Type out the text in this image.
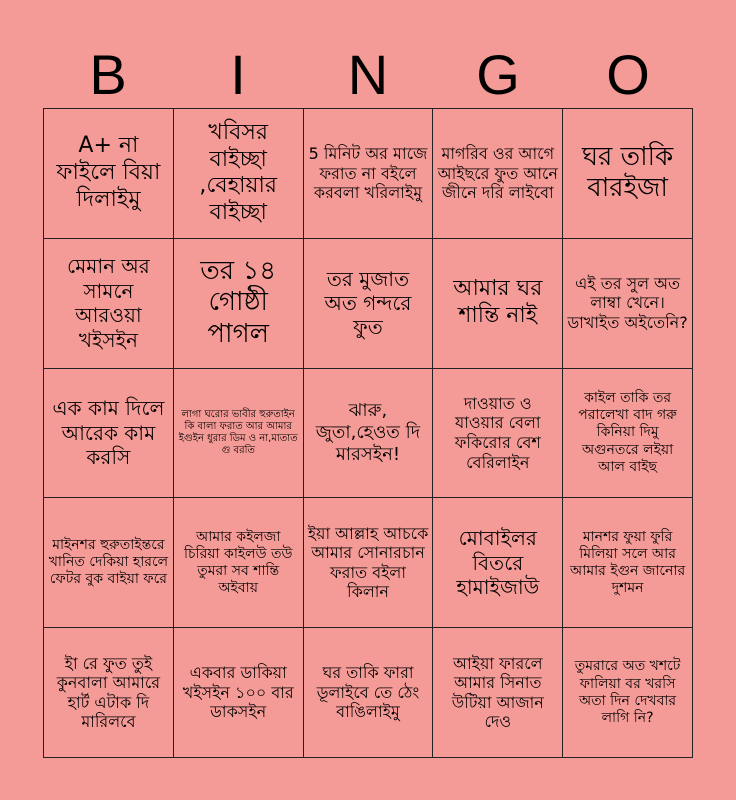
B	I	N	G	O
A+ না ফাইলে বিয়া দিলাইমু
খবিসর বাইচ্ছা ,বেহায়ার বাইচ্ছা
5 মিনিট অর মাজে ফরাত না বইলে করবলা খরিলাইমু
মাগরিব ওর আগে আইছরে ফুত আনে জীনে দরি লাইবো
ঘর তাকি বারইজা
মেমান অর সামনে আরওয়া খইসইন
তর ১৪ গোষ্ঠী পাগল
তর মুজাত অত গন্দরে ফুত
আমার ঘর শান্তি নাই
এই তর সুল অত লাম্বা খেনে। ডাখাইত অইতেনি?
এক কাম দিলে আরেক কাম করসি
লাগা ঘরোর ভাবীর হুরুতাইন কি বালা ফরাত আর আমার ইগুইন ধুরার ডিম ও না,মাতাত গু বরতি
ঝারু, জুতা,হেওত দি মারসইন!
দাওয়াত ও যাওয়ার বেলা ফকিরোর বেশ বেরিলাইন
কাইল তাকি তর পরালেখা বাদ গরু কিনিয়া দিমু অগুনতরে লইয়া আল বাইছ
মাইনশর হুরুতাইন্তরে খানিত দেকিয়া হারলে ফেটর বুক বাইয়া ফরে
আমার কইলজা চিরিয়া কাইলউ তউ তুমরা সব শান্তি অইবায়
ইয়া আল্লাহ আচকে আমার সোনারচান ফরাত বইলা কিলান
মোবাইলর বিতরে হামাইজাউ
মানশর ফুয়া ফুরি মিলিয়া সলে আর আমার ইগুন জানোর দুশমন
ইা রে ফুত তুই কুনবালা আমারে হার্ট এটাক দি মারিলবে
একবার ডাকিয়া খইসইন ১০০ বার ডাকসইন
ঘর তাকি ফারা ডূলাইবে তে ঠেং বাঙিলাইমু
আইয়া ফারলে আমার সিনাত উটিয়া আজান দেও
তুমরারে অত খশটে ফালিয়া বর খরসি অতা দিন দেখবার লাগি নি?
